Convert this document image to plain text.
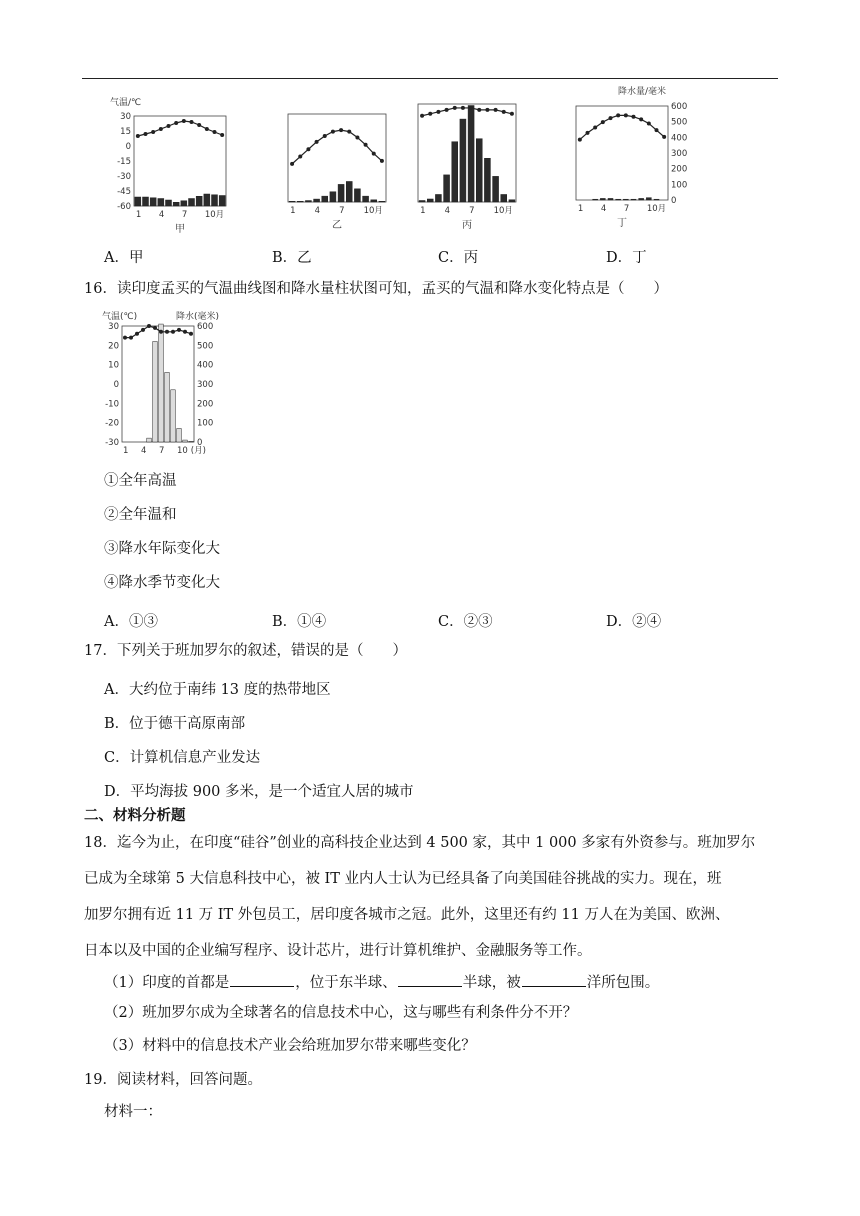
1 4 7 10月
30
15
0
-15
-30
-45
-60
气温/℃
甲
1 4 7 10月
乙
1 4 7 10月
丙
1 4 7 10月
600
500
400
300
200
100
0
降水量/毫米
丁
A．甲	B．乙	C．丙	D．丁
16．读印度孟买的气温曲线图和降水量柱状图可知，孟买的气温和降水变化特点是（　　）
1 4 7 10 (月)
30
20
10
0
-10
-20
-30
600
500
400
300
200
100
0
气温(℃)	降水(毫米)
①全年高温
②全年温和
③降水年际变化大
④降水季节变化大
A．①③	B．①④	C．②③	D．②④
17．下列关于班加罗尔的叙述，错误的是（　　）
A．大约位于南纬 13 度的热带地区
B．位于德干高原南部
C．计算机信息产业发达
D．平均海拔 900 多米，是一个适宜人居的城市
二、材料分析题
18．迄今为止，在印度“硅谷”创业的高科技企业达到 4 500 家，其中 1 000 多家有外资参与。班加罗尔
已成为全球第 5 大信息科技中心，被 IT 业内人士认为已经具备了向美国硅谷挑战的实力。现在，班
加罗尔拥有近 11 万 IT 外包员工，居印度各城市之冠。此外，这里还有约 11 万人在为美国、欧洲、
日本以及中国的企业编写程序、设计芯片，进行计算机维护、金融服务等工作。
（1）印度的首都是	，位于东半球、	半球，被	洋所包围。
（2）班加罗尔成为全球著名的信息技术中心，这与哪些有利条件分不开？
（3）材料中的信息技术产业会给班加罗尔带来哪些变化？
19．阅读材料，回答问题。
材料一：
